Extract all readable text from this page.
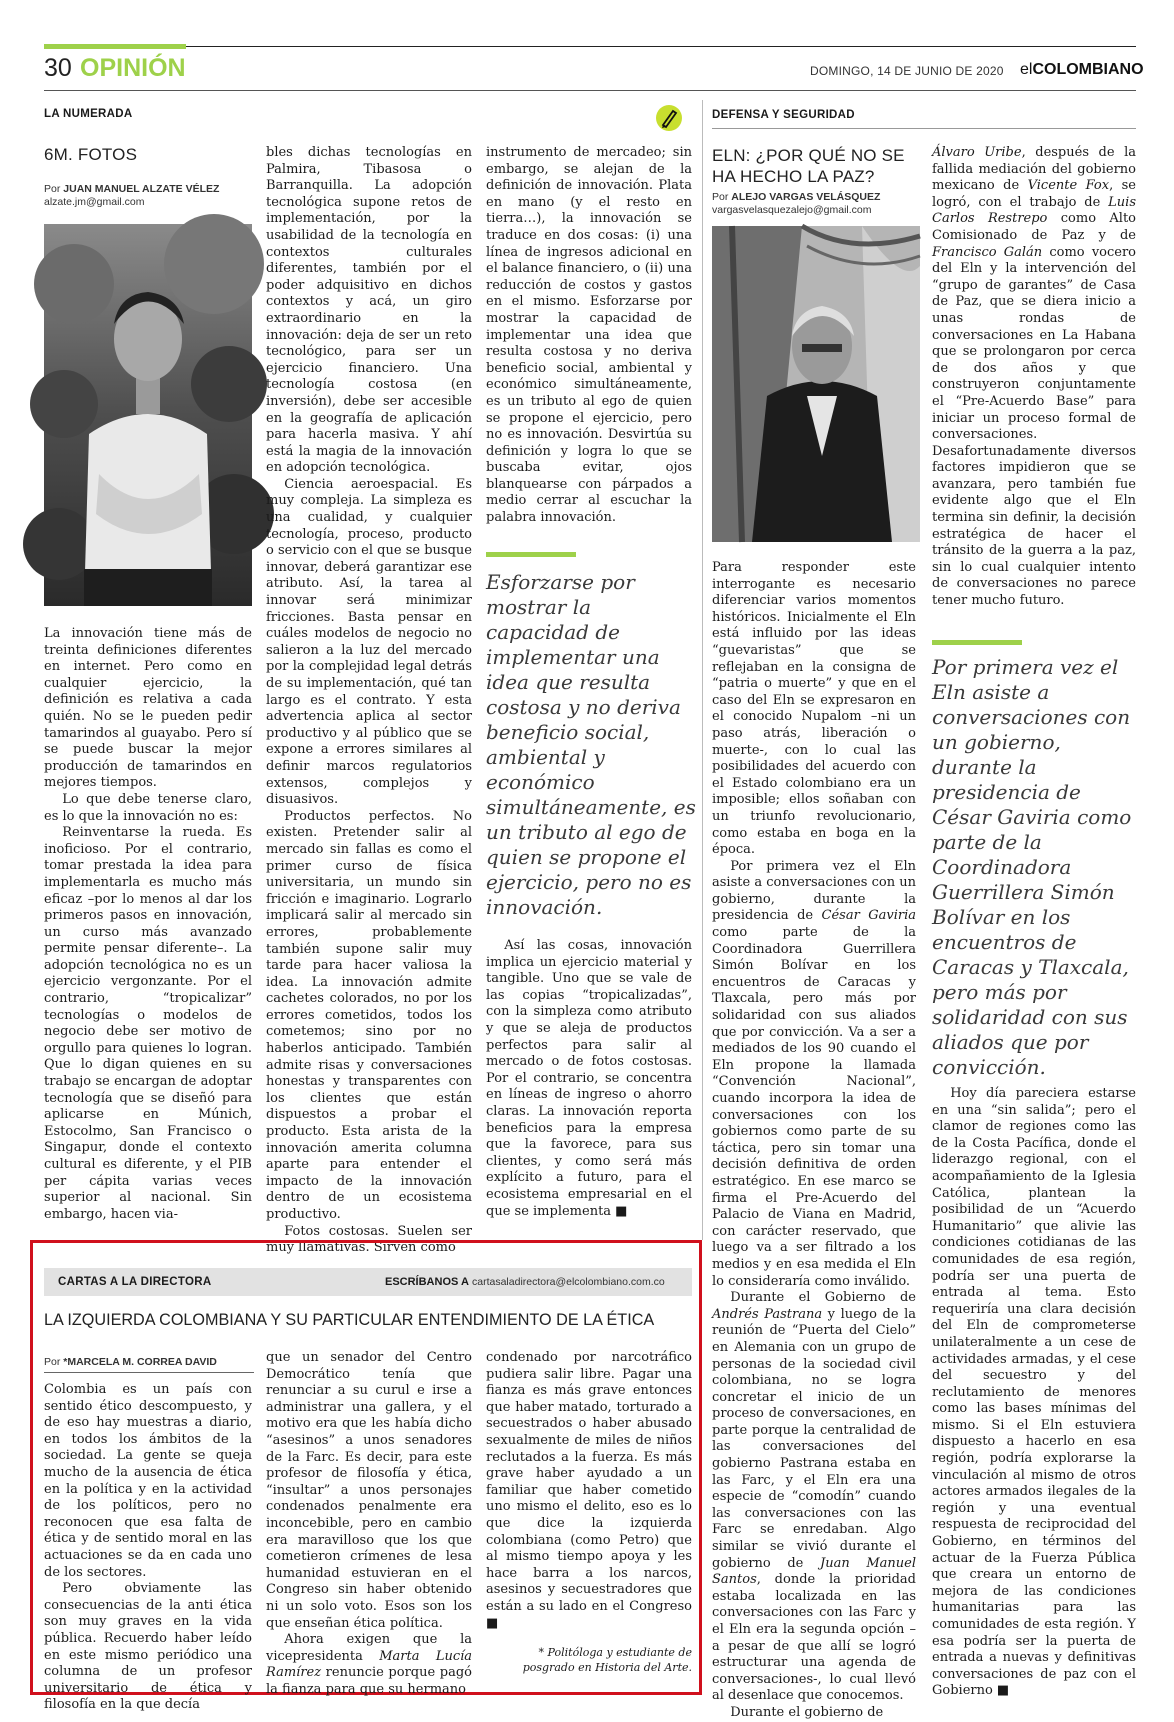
30 OPINIÓN	DOMINGO, 14 DE JUNIO DE 2020 elCOLOMBIANO
LA NUMERADA
6M. FOTOS
Por JUAN MANUEL ALZATE VÉLEZ
alzate.jm@gmail.com

La innovación tiene más de treinta definiciones diferentes en internet. Pero como en cualquier ejercicio, la definición es relativa a cada quién. No se le pueden pedir tamarindos al guayabo. Pero sí se puede buscar la mejor producción de tamarindos en mejores tiempos.

Lo que debe tenerse claro, es lo que la innovación no es:

Reinventarse la rueda. Es inoficioso. Por el contrario, tomar prestada la idea para implementarla es mucho más eficaz –por lo menos al dar los primeros pasos en innovación, un curso más avanzado permite pensar diferente–. La adopción tecnológica no es un ejercicio vergonzante. Por el contrario, “tropicalizar” tecnologías o modelos de negocio debe ser motivo de orgullo para quienes lo logran. Que lo digan quienes en su trabajo se encargan de adoptar tecnología que se diseñó para aplicarse en Múnich, Estocolmo, San Francisco o Singapur, donde el contexto cultural es diferente, y el PIB per cápita varias veces superior al nacional. Sin embargo, hacen via-

bles dichas tecnologías en Palmira, Tibasosa o Barranquilla. La adopción tecnológica supone retos de implementación, por la usabilidad de la tecnología en contextos culturales diferentes, también por el poder adquisitivo en dichos contextos y acá, un giro extraordinario en la innovación: deja de ser un reto tecnológico, para ser un ejercicio financiero. Una tecnología costosa (en inversión), debe ser accesible en la geografía de aplicación para hacerla masiva. Y ahí está la magia de la innovación en adopción tecnológica.

Ciencia aeroespacial. Es muy compleja. La simpleza es una cualidad, y cualquier tecnología, proceso, producto o servicio con el que se busque innovar, deberá garantizar ese atributo. Así, la tarea al innovar será minimizar fricciones. Basta pensar en cuáles modelos de negocio no salieron a la luz del mercado por la complejidad legal detrás de su implementación, qué tan largo es el contrato. Y esta advertencia aplica al sector productivo y al público que se expone a errores similares al definir marcos regulatorios extensos, complejos y disuasivos.

Productos perfectos. No existen. Pretender salir al mercado sin fallas es como el primer curso de física universitaria, un mundo sin fricción e imaginario. Lograrlo implicará salir al mercado sin errores, probablemente también supone salir muy tarde para hacer valiosa la idea. La innovación admite cachetes colorados, no por los errores cometidos, todos los cometemos; sino por no haberlos anticipado. También admite risas y conversaciones honestas y transparentes con los clientes que están dispuestos a probar el producto. Esta arista de la innovación amerita columna aparte para entender el impacto de la innovación dentro de un ecosistema productivo.

Fotos costosas. Suelen ser muy llamativas. Sirven como

instrumento de mercadeo; sin embargo, se alejan de la definición de innovación. Plata en mano (y el resto en tierra…), la innovación se traduce en dos cosas: (i) una línea de ingresos adicional en el balance financiero, o (ii) una reducción de costos y gastos en el mismo. Esforzarse por mostrar la capacidad de implementar una idea que resulta costosa y no deriva beneficio social, ambiental y económico simultáneamente, es un tributo al ego de quien se propone el ejercicio, pero no es innovación. Desvirtúa su definición y logra lo que se buscaba evitar, ojos blanquearse con párpados a medio cerrar al escuchar la palabra innovación.

Esforzarse por mostrar la capacidad de implementar una idea que resulta costosa y no deriva beneficio social, ambiental y económico simultáneamente, es un tributo al ego de quien se propone el ejercicio, pero no es innovación.

Así las cosas, innovación implica un ejercicio material y tangible. Uno que se vale de las copias “tropicalizadas”, con la simpleza como atributo y que se aleja de productos perfectos para salir al mercado o de fotos costosas. Por el contrario, se concentra en líneas de ingreso o ahorro claras. La innovación reporta beneficios para la empresa que la favorece, para sus clientes, y como será más explícito a futuro, para el ecosistema empresarial en el que se implementa ■

CARTAS A LA DIRECTORA	ESCRÍBANOS A cartasaladirectora@elcolombiano.com.co
LA IZQUIERDA COLOMBIANA Y SU PARTICULAR ENTENDIMIENTO DE LA ÉTICA
Por *MARCELA M. CORREA DAVID

Colombia es un país con sentido ético descompuesto, y de eso hay muestras a diario, en todos los ámbitos de la sociedad. La gente se queja mucho de la ausencia de ética en la política y en la actividad de los políticos, pero no reconocen que esa falta de ética y de sentido moral en las actuaciones se da en cada uno de los sectores.

Pero obviamente las consecuencias de la anti ética son muy graves en la vida pública. Recuerdo haber leído en este mismo periódico una columna de un profesor universitario de ética y filosofía en la que decía

que un senador del Centro Democrático tenía que renunciar a su curul e irse a administrar una gallera, y el motivo era que les había dicho “asesinos” a unos senadores de la Farc. Es decir, para este profesor de filosofía y ética, “insultar” a unos personajes condenados penalmente era inconcebible, pero en cambio era maravilloso que los que cometieron crímenes de lesa humanidad estuvieran en el Congreso sin haber obtenido ni un solo voto. Esos son los que enseñan ética política.

Ahora exigen que la vicepresidenta Marta Lucía Ramírez renuncie porque pagó la fianza para que su hermano

condenado por narcotráfico pudiera salir libre. Pagar una fianza es más grave entonces que haber matado, torturado a secuestrados o haber abusado sexualmente de miles de niños reclutados a la fuerza. Es más grave haber ayudado a un familiar que haber cometido uno mismo el delito, eso es lo que dice la izquierda colombiana (como Petro) que al mismo tiempo apoya y les hace barra a los narcos, asesinos y secuestradores que están a su lado en el Congreso ■

* Politóloga y estudiante de posgrado en Historia del Arte.
DEFENSA Y SEGURIDAD
ELN: ¿POR QUÉ NO SE
HA HECHO LA PAZ?
Por ALEJO VARGAS VELÁSQUEZ
vargasvelasquezalejo@gmail.com

Para responder este interrogante es necesario diferenciar varios momentos históricos. Inicialmente el Eln está influido por las ideas “guevaristas” que se reflejaban en la consigna de “patria o muerte” y que en el caso del Eln se expresaron en el conocido Nupalom –ni un paso atrás, liberación o muerte-, con lo cual las posibilidades del acuerdo con el Estado colombiano era un imposible; ellos soñaban con un triunfo revolucionario, como estaba en boga en la época.

Por primera vez el Eln asiste a conversaciones con un gobierno, durante la presidencia de César Gaviria como parte de la Coordinadora Guerrillera Simón Bolívar en los encuentros de Caracas y Tlaxcala, pero más por solidaridad con sus aliados que por convicción. Va a ser a mediados de los 90 cuando el Eln propone la llamada “Convención Nacional”, cuando incorpora la idea de conversaciones con los gobiernos como parte de su táctica, pero sin tomar una decisión definitiva de orden estratégico. En ese marco se firma el Pre-Acuerdo del Palacio de Viana en Madrid, con carácter reservado, que luego va a ser filtrado a los medios y en esa medida el Eln lo consideraría como inválido.

Durante el Gobierno de Andrés Pastrana y luego de la reunión de “Puerta del Cielo” en Alemania con un grupo de personas de la sociedad civil colombiana, no se logra concretar el inicio de un proceso de conversaciones, en parte porque la centralidad de las conversaciones del gobierno Pastrana estaba en las Farc, y el Eln era una especie de “comodín” cuando las conversaciones con las Farc se enredaban. Algo similar se vivió durante el gobierno de Juan Manuel Santos, donde la prioridad estaba localizada en las conversaciones con las Farc y el Eln era la segunda opción –a pesar de que allí se logró estructurar una agenda de conversaciones-, lo cual llevó al desenlace que conocemos.

Durante el gobierno de

Álvaro Uribe, después de la fallida mediación del gobierno mexicano de Vicente Fox, se logró, con el trabajo de Luis Carlos Restrepo como Alto Comisionado de Paz y de Francisco Galán como vocero del Eln y la intervención del “grupo de garantes” de Casa de Paz, que se diera inicio a unas rondas de conversaciones en La Habana que se prolongaron por cerca de dos años y que construyeron conjuntamente el “Pre-Acuerdo Base” para iniciar un proceso formal de conversaciones. Desafortunadamente diversos factores impidieron que se avanzara, pero también fue evidente algo que el Eln termina sin definir, la decisión estratégica de hacer el tránsito de la guerra a la paz, sin lo cual cualquier intento de conversaciones no parece tener mucho futuro.

Por primera vez el Eln asiste a conversaciones con un gobierno, durante la presidencia de César Gaviria como parte de la Coordinadora Guerrillera Simón Bolívar en los encuentros de Caracas y Tlaxcala, pero más por solidaridad con sus aliados que por convicción.

Hoy día pareciera estarse en una “sin salida”; pero el clamor de regiones como las de la Costa Pacífica, donde el liderazgo regional, con el acompañamiento de la Iglesia Católica, plantean la posibilidad de un “Acuerdo Humanitario” que alivie las condiciones cotidianas de las comunidades de esa región, podría ser una puerta de entrada al tema. Esto requeriría una clara decisión del Eln de comprometerse unilateralmente a un cese de actividades armadas, y el cese del secuestro y del reclutamiento de menores como las bases mínimas del mismo. Si el Eln estuviera dispuesto a hacerlo en esa región, podría explorarse la vinculación al mismo de otros actores armados ilegales de la región y una eventual respuesta de reciprocidad del Gobierno, en términos del actuar de la Fuerza Pública que creara un entorno de mejora de las condiciones humanitarias para las comunidades de esta región. Y esa podría ser la puerta de entrada a nuevas y definitivas conversaciones de paz con el Gobierno ■
